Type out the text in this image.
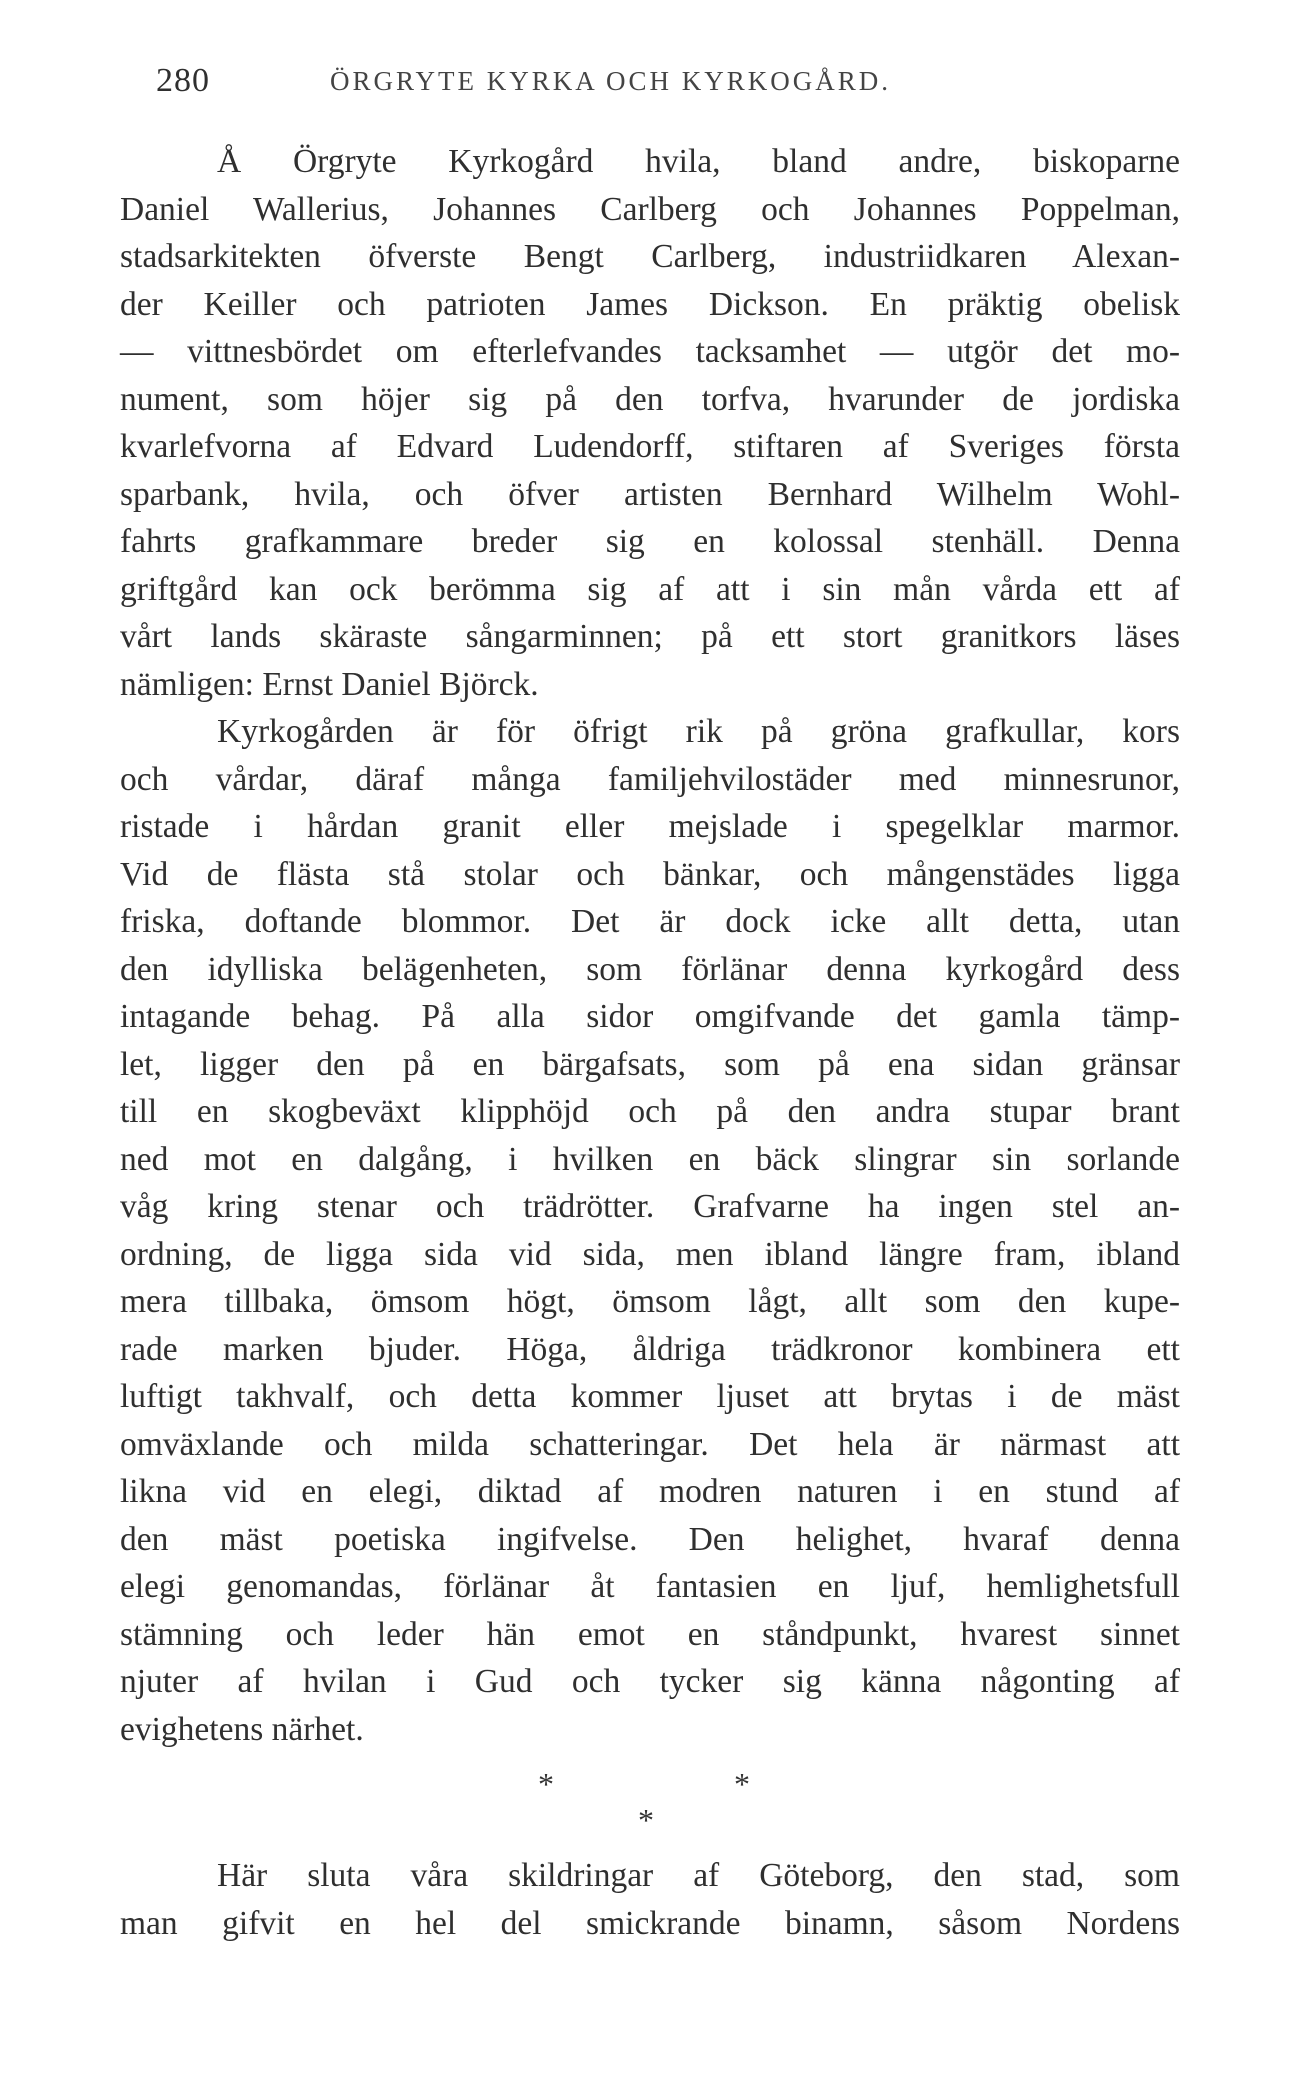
280	ÖRGRYTE KYRKA OCH KYRKOGÅRD.
Å Örgryte Kyrkogård hvila, bland andre, biskoparne
Daniel Wallerius, Johannes Carlberg och Johannes Poppelman,
stadsarkitekten öfverste Bengt Carlberg, industriidkaren Alexan-
der Keiller och patrioten James Dickson. En präktig obelisk
— vittnesbördet om efterlefvandes tacksamhet — utgör det mo-
nument, som höjer sig på den torfva, hvarunder de jordiska
kvarlefvorna af Edvard Ludendorff, stiftaren af Sveriges första
sparbank, hvila, och öfver artisten Bernhard Wilhelm Wohl-
fahrts grafkammare breder sig en kolossal stenhäll. Denna
griftgård kan ock berömma sig af att i sin mån vårda ett af
vårt lands skäraste sångarminnen; på ett stort granitkors läses
nämligen: Ernst Daniel Björck.
Kyrkogården är för öfrigt rik på gröna grafkullar, kors
och vårdar, däraf många familjehvilostäder med minnesrunor,
ristade i hårdan granit eller mejslade i spegelklar marmor.
Vid de flästa stå stolar och bänkar, och mångenstädes ligga
friska, doftande blommor. Det är dock icke allt detta, utan
den idylliska belägenheten, som förlänar denna kyrkogård dess
intagande behag. På alla sidor omgifvande det gamla tämp-
let, ligger den på en bärgafsats, som på ena sidan gränsar
till en skogbeväxt klipphöjd och på den andra stupar brant
ned mot en dalgång, i hvilken en bäck slingrar sin sorlande
våg kring stenar och trädrötter. Grafvarne ha ingen stel an-
ordning, de ligga sida vid sida, men ibland längre fram, ibland
mera tillbaka, ömsom högt, ömsom lågt, allt som den kupe-
rade marken bjuder. Höga, åldriga trädkronor kombinera ett
luftigt takhvalf, och detta kommer ljuset att brytas i de mäst
omväxlande och milda schatteringar. Det hela är närmast att
likna vid en elegi, diktad af modren naturen i en stund af
den mäst poetiska ingifvelse. Den helighet, hvaraf denna
elegi genomandas, förlänar åt fantasien en ljuf, hemlighetsfull
stämning och leder hän emot en ståndpunkt, hvarest sinnet
njuter af hvilan i Gud och tycker sig känna någonting af
evighetens närhet.
*	*
*
Här sluta våra skildringar af Göteborg, den stad, som
man gifvit en hel del smickrande binamn, såsom Nordens
